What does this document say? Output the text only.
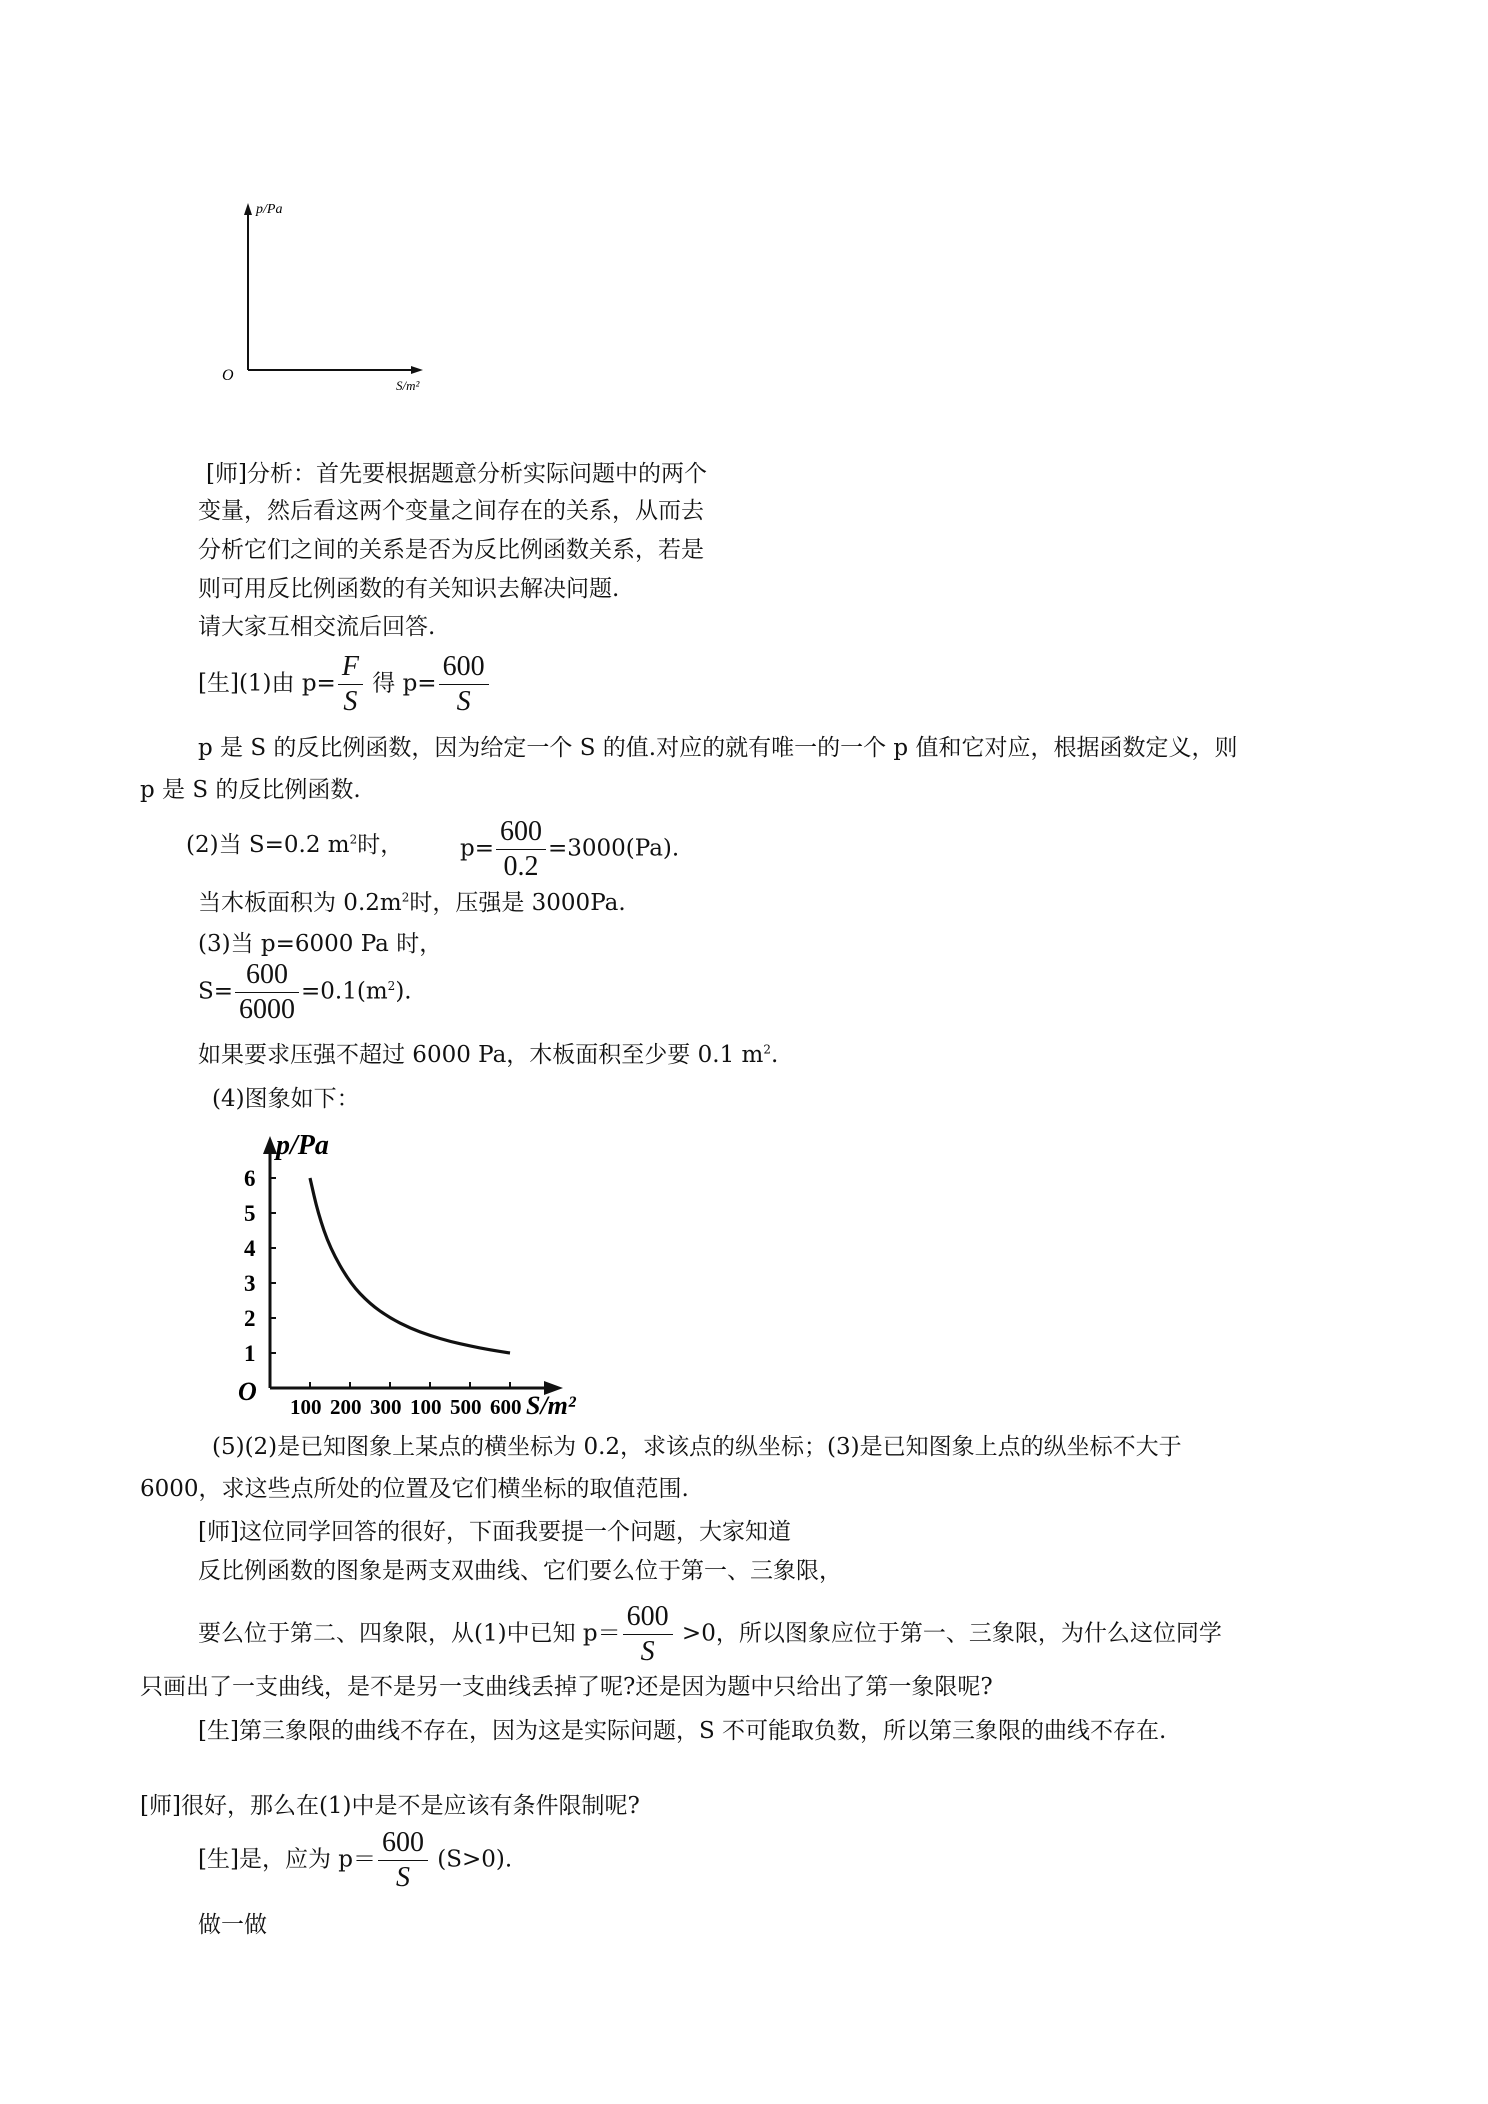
p/Pa
O
S/m²
[师]分析：首先要根据题意分析实际问题中的两个
变量，然后看这两个变量之间存在的关系，从而去
分析它们之间的关系是否为反比例函数关系，若是
则可用反比例函数的有关知识去解决问题.
请大家互相交流后回答.
[生](1)由 $p= \frac{F}{S}$ 得 $p= \frac{600}{S}$
p 是 S 的反比例函数，因为给定一个 S 的值.对应的就有唯一的一个 p 值和它对应，根据函数定义，则
p 是 S 的反比例函数.
(2)当 S=0.2 $m^2$时， $p= \frac{600}{0.2} =3000(Pa)$.
当木板面积为 $0.2m^2$时，压强是 3000Pa.
(3)当 p=6000 Pa 时，
$S= \frac{600}{6000} =0.1(m^2)$.
如果要求压强不超过 6000 Pa，木板面积至少要 0.1 $m^2$.
(4)图象如下：
p/Pa
O	S/m²
100 200 300 100 500 600
1
2
3
4
5
6
(5)(2)是已知图象上某点的横坐标为 0.2，求该点的纵坐标；(3)是已知图象上点的纵坐标不大于
6000，求这些点所处的位置及它们横坐标的取值范围.
[师]这位同学回答的很好，下面我要提一个问题，大家知道
反比例函数的图象是两支双曲线、它们要么位于第一、三象限，
要么位于第二、四象限，从(1)中已知 $p= \frac{600}{S} >0$，所以图象应位于第一、三象限，为什么这位同学
只画出了一支曲线，是不是另一支曲线丢掉了呢?还是因为题中只给出了第一象限呢?
[生]第三象限的曲线不存在，因为这是实际问题，S 不可能取负数，所以第三象限的曲线不存在.
[师]很好，那么在(1)中是不是应该有条件限制呢?
[生]是，应为 $p= \frac{600}{S} (S>0)$.
做一做
